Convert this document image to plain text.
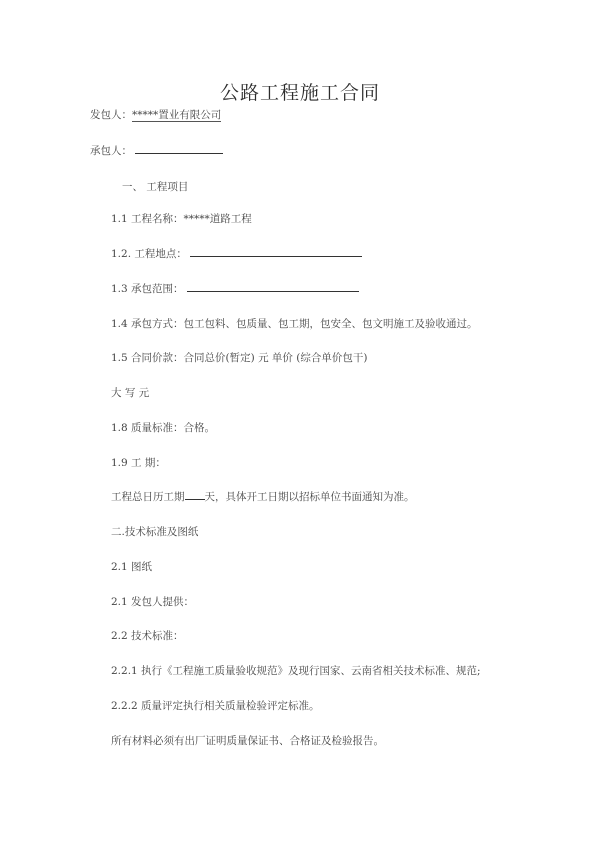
公路工程施工合同
发包人：*****置业有限公司
承包人：
一、 工程项目
1.1 工程名称：*****道路工程
1.2. 工程地点：
1.3 承包范围：
1.4 承包方式：包工包料、包质量、包工期，包安全、包文明施工及验收通过。
1.5 合同价款：合同总价(暂定) 元 单价 (综合单价包干)
大 写 元
1.8 质量标准：合格。
1.9 工 期：
工程总日历工期 天，具体开工日期以招标单位书面通知为准。
二.技术标准及图纸
2.1 图纸
2.1 发包人提供：
2.2 技术标准：
2.2.1 执行《工程施工质量验收规范》及现行国家、云南省相关技术标准、规范;
2.2.2 质量评定执行相关质量检验评定标准。
所有材料必须有出厂证明质量保证书、合格证及检验报告。
